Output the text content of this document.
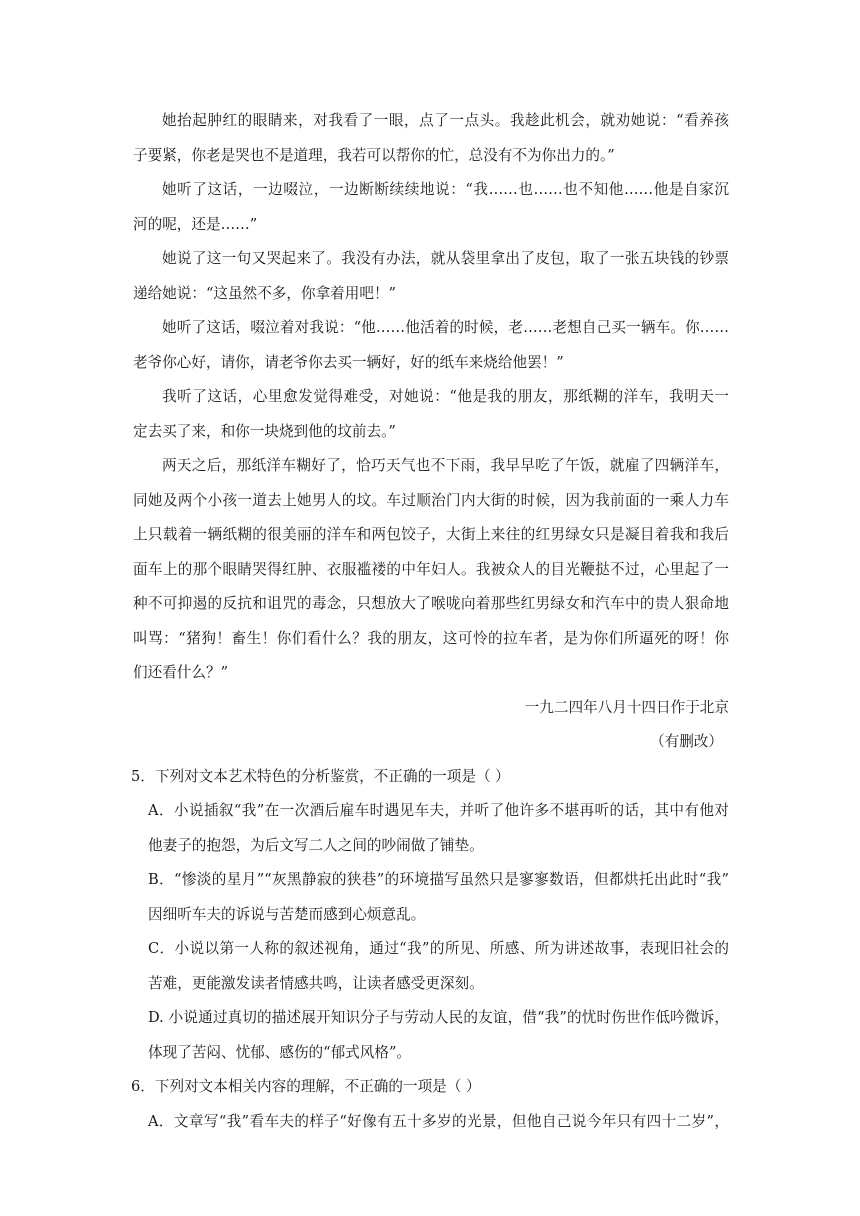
她抬起肿红的眼睛来，对我看了一眼，点了一点头。我趁此机会，就劝她说：“看养孩
子要紧，你老是哭也不是道理，我若可以帮你的忙，总没有不为你出力的。”
她听了这话，一边啜泣，一边断断续续地说：“我……也……也不知他……他是自家沉
河的呢，还是……”
她说了这一句又哭起来了。我没有办法，就从袋里拿出了皮包，取了一张五块钱的钞票
递给她说：“这虽然不多，你拿着用吧！”
她听了这话，啜泣着对我说：“他……他活着的时候，老……老想自己买一辆车。你……
老爷你心好，请你，请老爷你去买一辆好，好的纸车来烧给他罢！”
我听了这话，心里愈发觉得难受，对她说：“他是我的朋友，那纸糊的洋车，我明天一
定去买了来，和你一块烧到他的坟前去。”
两天之后，那纸洋车糊好了，恰巧天气也不下雨，我早早吃了午饭，就雇了四辆洋车，
同她及两个小孩一道去上她男人的坟。车过顺治门内大街的时候，因为我前面的一乘人力车
上只载着一辆纸糊的很美丽的洋车和两包饺子，大街上来往的红男绿女只是凝目着我和我后
面车上的那个眼睛哭得红肿、衣服褴褛的中年妇人。我被众人的目光鞭挞不过，心里起了一
种不可抑遏的反抗和诅咒的毒念，只想放大了喉咙向着那些红男绿女和汽车中的贵人狠命地
叫骂：“猪狗！畜生！你们看什么？我的朋友，这可怜的拉车者，是为你们所逼死的呀！你
们还看什么？”
一九二四年八月十四日作于北京
（有删改）
5．下列对文本艺术特色的分析鉴赏，不正确的一项是（ ）
A．小说插叙“我”在一次酒后雇车时遇见车夫，并听了他许多不堪再听的话，其中有他对
他妻子的抱怨，为后文写二人之间的吵闹做了铺垫。
B．“惨淡的星月”“灰黑静寂的狭巷”的环境描写虽然只是寥寥数语，但都烘托出此时“我”
因细听车夫的诉说与苦楚而感到心烦意乱。
C．小说以第一人称的叙述视角，通过“我”的所见、所感、所为讲述故事，表现旧社会的
苦难，更能激发读者情感共鸣，让读者感受更深刻。
D. 小说通过真切的描述展开知识分子与劳动人民的友谊，借“我”的忧时伤世作低吟微诉，
体现了苦闷、忧郁、感伤的“郁式风格”。
6．下列对文本相关内容的理解，不正确的一项是（ ）
A．文章写“我”看车夫的样子“好像有五十多岁的光景，但他自己说今年只有四十二岁”，
